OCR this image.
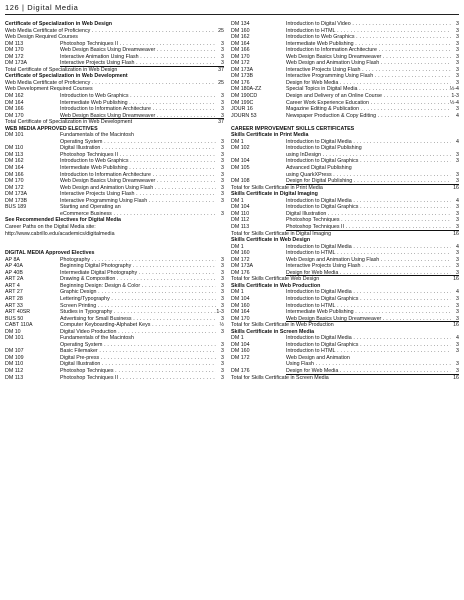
126 | Digital Media
Certificate of Specialization in Web Design
Web Media Certificate of Proficiency . . .	25
Web Design Required Courses
DM 113	Photoshop Techniques II . . .	3
DM 170	Web Design Basics Using Dreamweaver . . .	3
DM 172	Interactive Animation Using Flash . . .	3
DM 173A	Interactive Projects Using Flash . . .	3
Total Certificate of Specialization in Web Design	37
Certificate of Specialization in Web Development
Web Media Certificate of Proficiency . . .	25
Web Development Required Courses
DM 162	Introduction to Web Graphics . . .	3
DM 164	Intermediate Web Publishing . . .	3
DM 166	Introduction to Information Architecture . . .	3
DM 170	Web Design Basics Using Dreamweaver . . .	3
Total Certificate of Specialization in Web Development	37
WEB MEDIA APPROVED ELECTIVES
DM 101	Fundamentals of the Macintosh
Operating System . . .	3
DM 110	Digital Illustration . . .	3
DM 113	Photoshop Techniques II . . .	3
DM 162	Introduction to Web Graphics . . .	3
DM 164	Intermediate Web Publishing . . .	3
DM 166	Introduction to Information Architecture . . .	3
DM 170	Web Design Basics Using Dreamweaver . . .	3
DM 172	Web Design and Animation Using Flash . . .	3
DM 173A	Interactive Projects Using Flash . . .	3
DM 173B	Interactive Programming Using Flash . . .	3
BUS 189	Starting and Operating an
eCommerce Business . . .	3
See Recommended Electives for Digital Media
Career Paths on the Digital Media site:
http://www.cabrillo.edu/academics/digitalmedia
DIGITAL MEDIA Approved Electives
AP 8A	Photography . . .	3
AP 40A	Beginning Digital Photography . . .	3
AP 40B	Intermediate Digital Photography . . .	3
ART 2A	Drawing & Composition . . .	3
ART 4	Beginning Design: Design & Color . . .	3
ART 27	Graphic Design . . .	3
ART 28	Lettering/Typography . . .	3
ART 33	Screen Printing . . .	3
ART 40SR	Studies in Typography . . .	1-3
BUS 50	Advertising for Small Business . . .	3
CABT 110A	Computer Keyboarding-Alphabet Keys . . .	½
DM 10	Digital Video Production . . .	3
DM 101	Fundamentals of the Macintosh
Operating System . . .	3
DM 107	Basic Filemaker . . .	3
DM 109	Digital Pre-press . . .	3
DM 110	Digital Illustration . . .	3
DM 112	Photoshop Techniques . . .	3
DM 113	Photoshop Techniques II . . .	3
DM 134	Introduction to Digital Video . . .	3
DM 160	Introduction to HTML . . .	3
DM 162	Introduction to Web Graphics . . .	3
DM 164	Intermediate Web Publishing . . .	3
DM 166	Introduction to Information Architecture . . .	3
DM 170	Web Design Basics Using Dreamweaver . . .	3
DM 172	Web Design and Animation Using Flash . . .	3
DM 173A	Interactive Projects Using Flash . . .	3
DM 173B	Interactive Programming Using Flash . . .	3
DM 176	Design for Web Media . . .	3
DM 180A-ZZ	Special Topics in Digital Media . . .	½-4
DM 190CD	Design and Delivery of an Online Course . . .	1-3
DM 199C	Career Work Experience Education . . .	½-4
JOUR 16	Magazine Editing & Publication . . .	3
JOURN 53	Newspaper Production & Copy Editing . . .	4
CAREER IMPROVEMENT SKILLS CERTIFICATES
Skills Certificate in Print Media
DM 1	Introduction to Digital Media . . .	4
DM 102	Introduction to Digital Publishing
using InDesign . . .	3
DM 104	Introduction to Digital Graphics . . .	3
DM 105	Advanced Digital Publishing
using QuarkXPress . . .	3
DM 108	Design for Digital Publishing . . .	3
Total for Skills Certificate in Print Media	16
Skills Certificate in Digital Imaging
DM 1	Introduction to Digital Media . . .	4
DM 104	Introduction to Digital Graphics . . .	3
DM 110	Digital Illustration . . .	3
DM 112	Photoshop Techniques . . .	3
DM 113	Photoshop Techniques II . . .	3
Total for Skills Certificate in Digital Imaging	16
Skills Certificate in Web Design
DM 1	Introduction to Digital Media . . .	4
DM 160	Introduction to HTML . . .	3
DM 172	Web Design and Animation Using Flash . . .	3
DM 173A	Interactive Projects Using Flash . . .	3
DM 176	Design for Web Media . . .	3
Total for Skills Certificate Web Design	16
Skills Certificate in Web Production
DM 1	Introduction to Digital Media . . .	4
DM 104	Introduction to Digital Graphics . . .	3
DM 160	Introduction to HTML . . .	3
DM 164	Intermediate Web Publishing . . .	3
DM 170	Web Design Basics Using Dreamweaver . . .	3
Total for Skills Certificate in Web Production	16
Skills Certificate in Screen Media
DM 1	Introduction to Digital Media . . .	4
DM 104	Introduction to Digital Graphics . . .	3
DM 160	Introduction to HTML . . .	3
DM 172	Web Design and Animation
Using Flash . . .	3
DM 176	Design for Web Media . . .	3
Total for Skills Certificate in Screen Media	16
